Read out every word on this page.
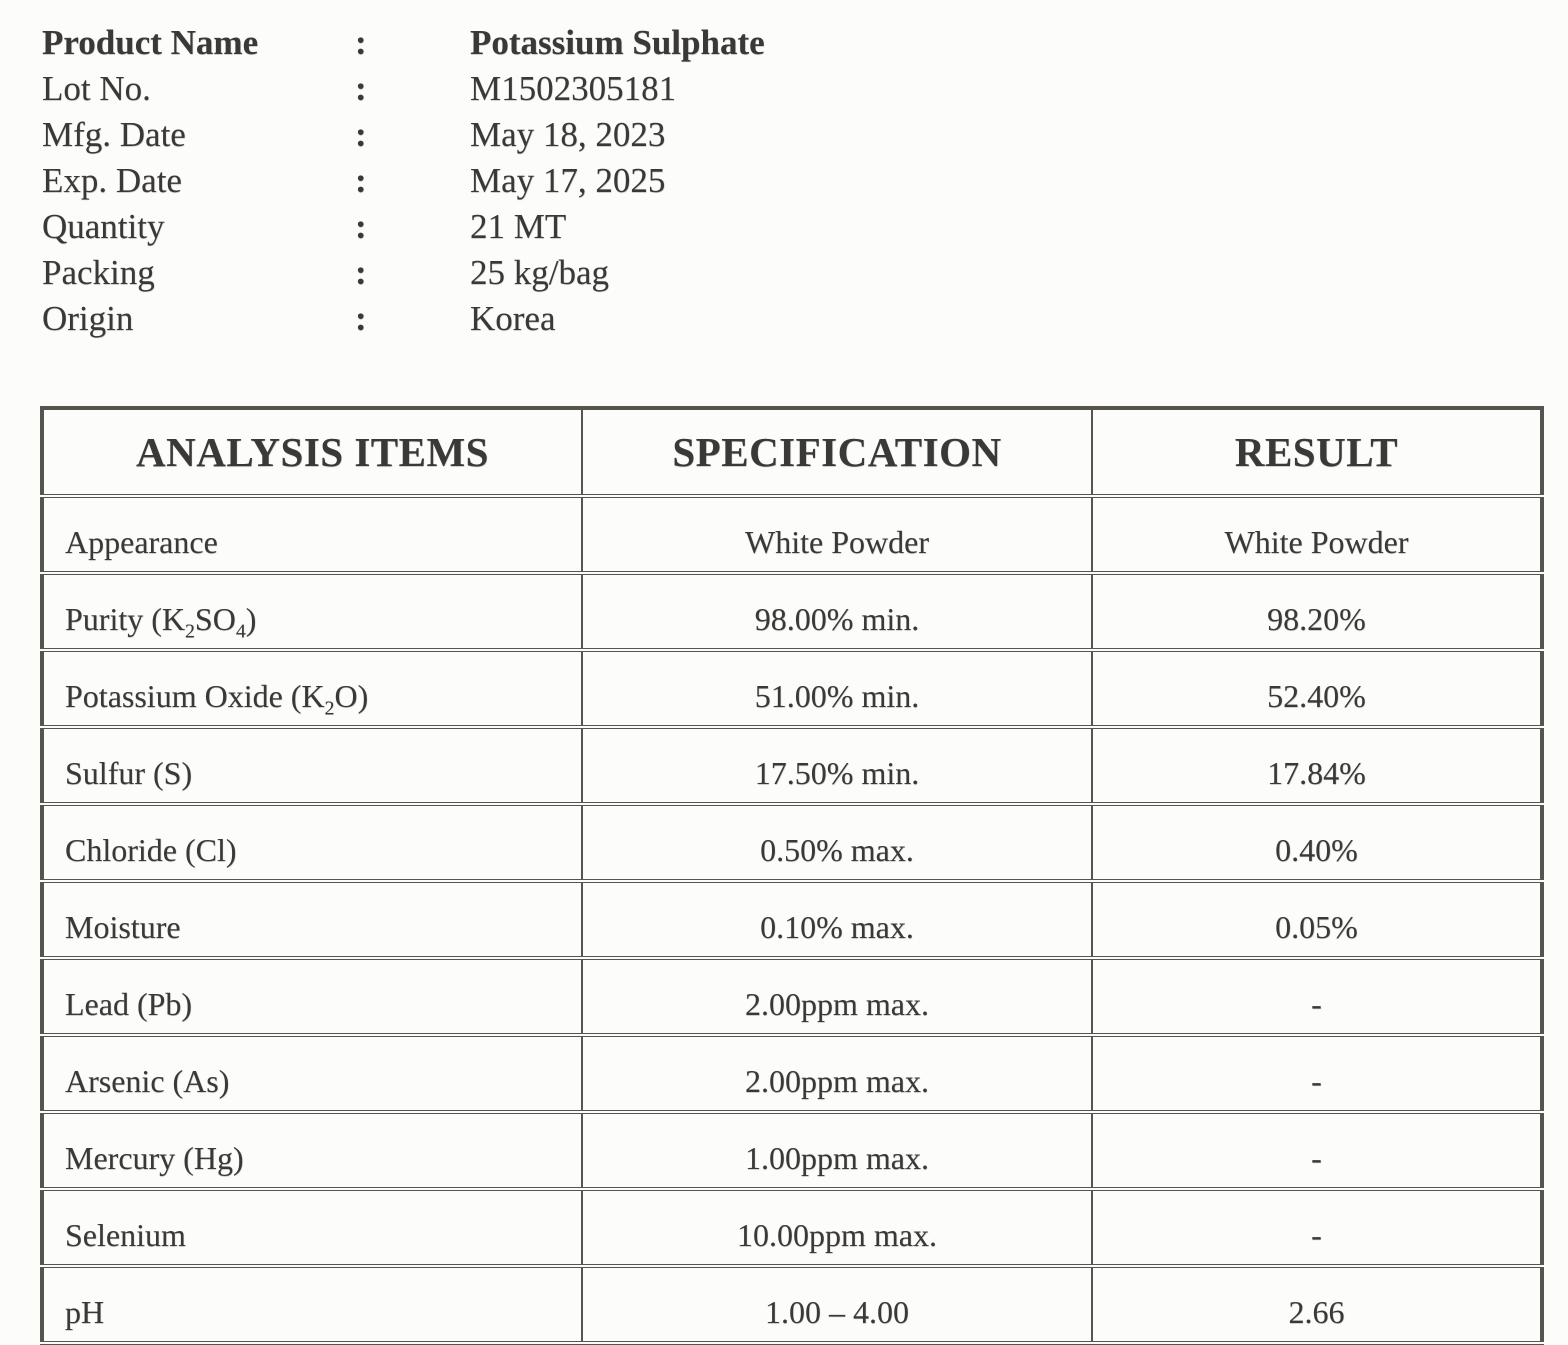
Product Name	:	Potassium Sulphate
Lot No.	:	M1502305181
Mfg. Date	:	May 18, 2023
Exp. Date	:	May 17, 2025
Quantity	:	21 MT
Packing	:	25 kg/bag
Origin	:	Korea
ANALYSIS ITEMS	SPECIFICATION	RESULT
Appearance	White Powder	White Powder
Purity $(K_2SO_4)$	98.00% min.	98.20%
Potassium Oxide $(K_2O)$	51.00% min.	52.40%
Sulfur (S)	17.50% min.	17.84%
Chloride (Cl)	0.50% max.	0.40%
Moisture	0.10% max.	0.05%
Lead (Pb)	2.00ppm max.	-
Arsenic (As)	2.00ppm max.	-
Mercury (Hg)	1.00ppm max.	-
Selenium	10.00ppm max.	-
pH	1.00 – 4.00	2.66
